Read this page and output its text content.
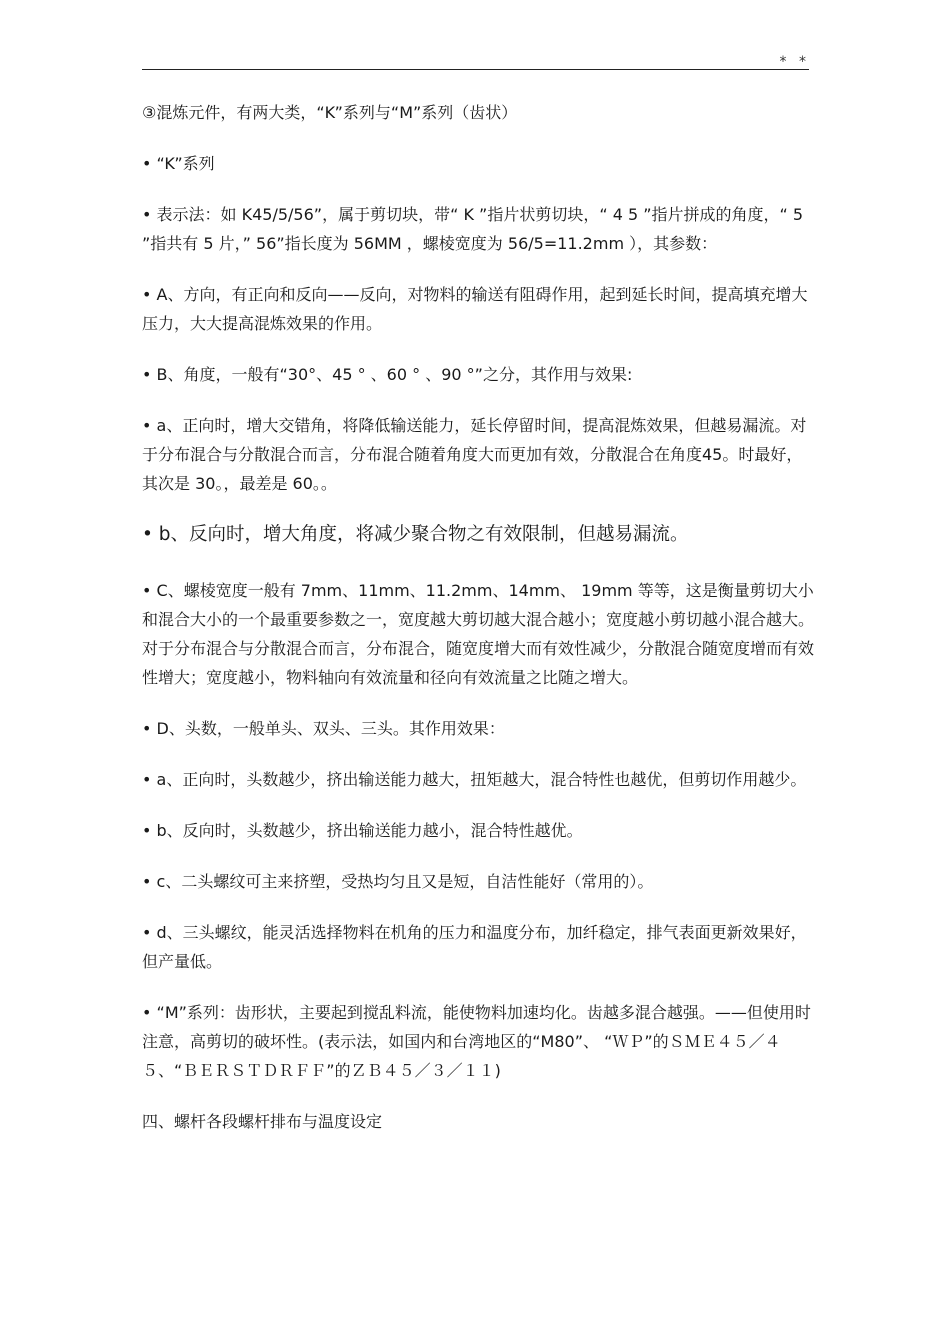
* *

③混炼元件，有两大类，“K”系列与“M”系列（齿状）

• “K”系列

• 表示法：如 K45/5/56”，属于剪切块，带“ K ”指片状剪切块，“ 4 5 ”指片拼成的角度，“ 5 ”指共有 5 片，” 56”指长度为 56MM ，螺棱宽度为 56/5=11.2mm ），其参数：

• A、方向，有正向和反向——反向，对物料的输送有阻碍作用，起到延长时间，提高填充增大压力，大大提高混炼效果的作用。

• B、角度，一般有“30°、45 ° 、60 ° 、90 °”之分，其作用与效果:

• a、正向时，增大交错角，将降低输送能力，延长停留时间，提高混炼效果，但越易漏流。对于分布混合与分散混合而言，分布混合随着角度大而更加有效，分散混合在角度45。时最好，其次是 30。，最差是 60。。

• b、反向时，增大角度，将减少聚合物之有效限制，但越易漏流。

• C、螺棱宽度一般有 7mm、11mm、11.2mm、14mm、 19mm 等等，这是衡量剪切大小和混合大小的一个最重要参数之一，宽度越大剪切越大混合越小；宽度越小剪切越小混合越大。对于分布混合与分散混合而言，分布混合，随宽度增大而有效性减少，分散混合随宽度增而有效性增大；宽度越小，物料轴向有效流量和径向有效流量之比随之增大。

• D、头数，一般单头、双头、三头。其作用效果：

• a、正向时，头数越少，挤出输送能力越大，扭矩越大，混合特性也越优，但剪切作用越少。

• b、反向时，头数越少，挤出输送能力越小，混合特性越优。

• c、二头螺纹可主来挤塑，受热均匀且又是短，自洁性能好（常用的）。

• d、三头螺纹，能灵活选择物料在机角的压力和温度分布，加纤稳定，排气表面更新效果好，但产量低。

• “M”系列：齿形状，主要起到搅乱料流，能使物料加速均化。齿越多混合越强。——但使用时注意，高剪切的破坏性。(表示法，如国内和台湾地区的“M80”、 “ＷＰ”的ＳＭＥ４５／４５、“ＢＥＲＳＴＤＲＦＦ”的ＺＢ４５／３／１１)

四、螺杆各段螺杆排布与温度设定
